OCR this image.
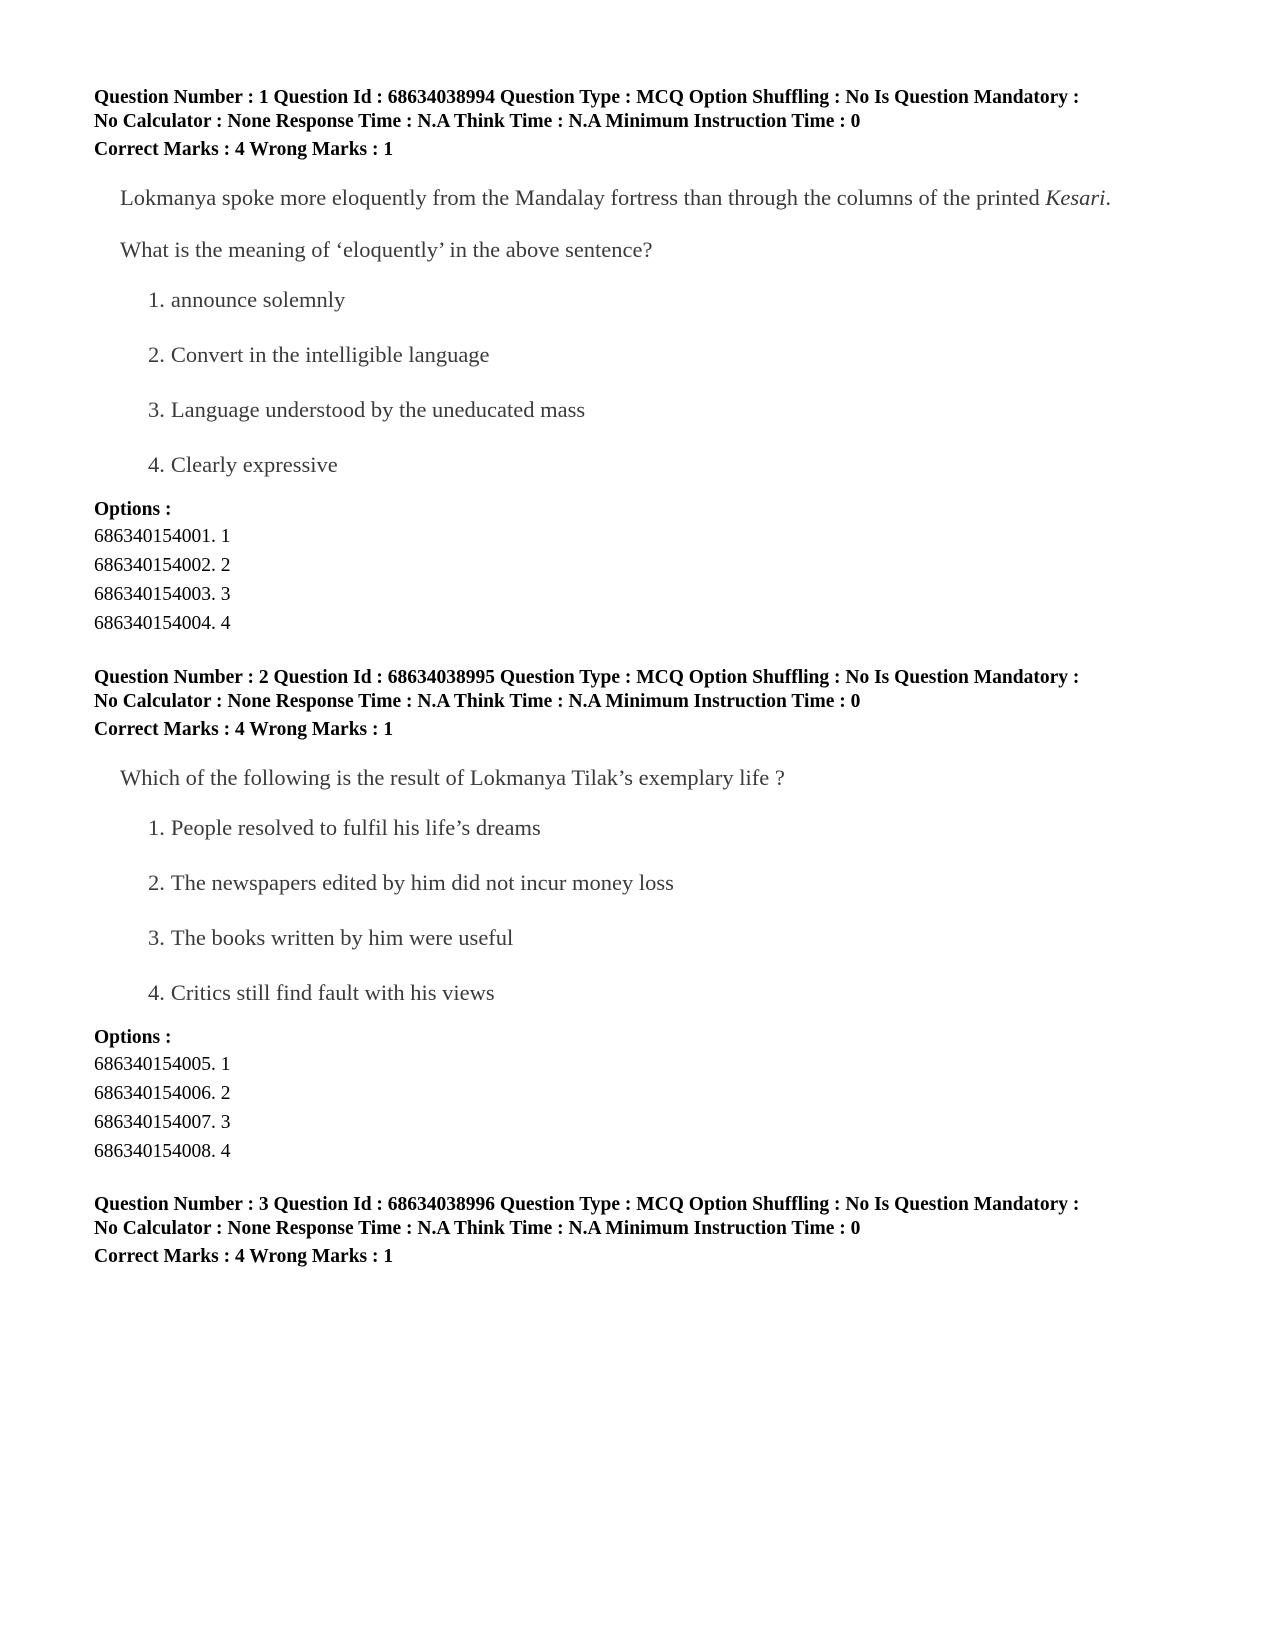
Question Number : 1 Question Id : 68634038994 Question Type : MCQ Option Shuffling : No Is Question Mandatory :

No Calculator : None Response Time : N.A Think Time : N.A Minimum Instruction Time : 0

Correct Marks : 4 Wrong Marks : 1

Lokmanya spoke more eloquently from the Mandalay fortress than through the columns of the printed Kesari.

What is the meaning of ‘eloquently’ in the above sentence?

1. announce solemnly
2. Convert in the intelligible language
3. Language understood by the uneducated mass
4. Clearly expressive
Options :
686340154001. 1
686340154002. 2
686340154003. 3
686340154004. 4

Question Number : 2 Question Id : 68634038995 Question Type : MCQ Option Shuffling : No Is Question Mandatory :

No Calculator : None Response Time : N.A Think Time : N.A Minimum Instruction Time : 0

Correct Marks : 4 Wrong Marks : 1

Which of the following is the result of Lokmanya Tilak’s exemplary life ?

1. People resolved to fulfil his life’s dreams
2. The newspapers edited by him did not incur money loss
3. The books written by him were useful
4. Critics still find fault with his views
Options :
686340154005. 1
686340154006. 2
686340154007. 3
686340154008. 4

Question Number : 3 Question Id : 68634038996 Question Type : MCQ Option Shuffling : No Is Question Mandatory :

No Calculator : None Response Time : N.A Think Time : N.A Minimum Instruction Time : 0

Correct Marks : 4 Wrong Marks : 1
